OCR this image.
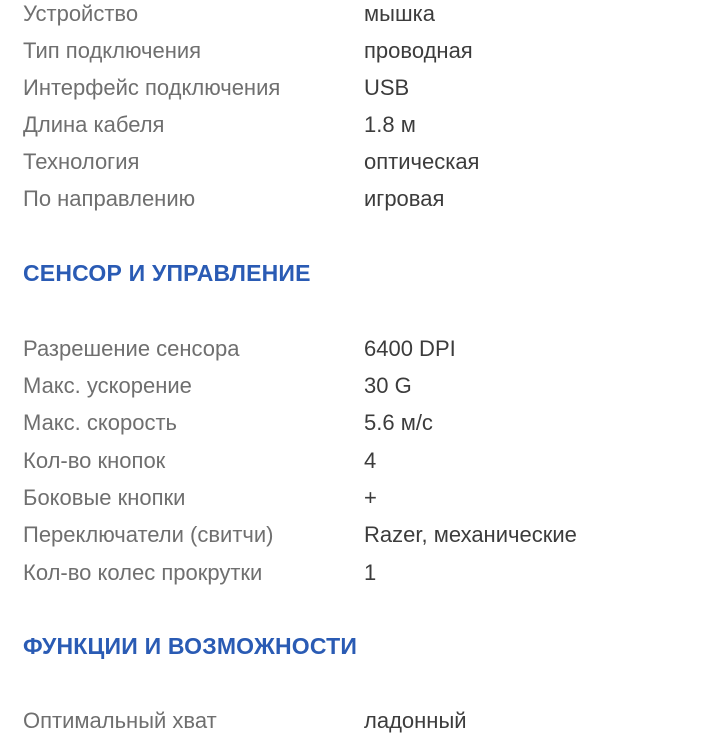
Устройство	мышка
Тип подключения	проводная
Интерфейс подключения	USB
Длина кабеля	1.8 м
Технология	оптическая
По направлению	игровая
СЕНСОР И УПРАВЛЕНИЕ
Разрешение сенсора	6400 DPI
Макс. ускорение	30 G
Макс. скорость	5.6 м/с
Кол-во кнопок	4
Боковые кнопки	+
Переключатели (свитчи)	Razer, механические
Кол-во колес прокрутки	1
ФУНКЦИИ И ВОЗМОЖНОСТИ
Оптимальный хват	ладонный
